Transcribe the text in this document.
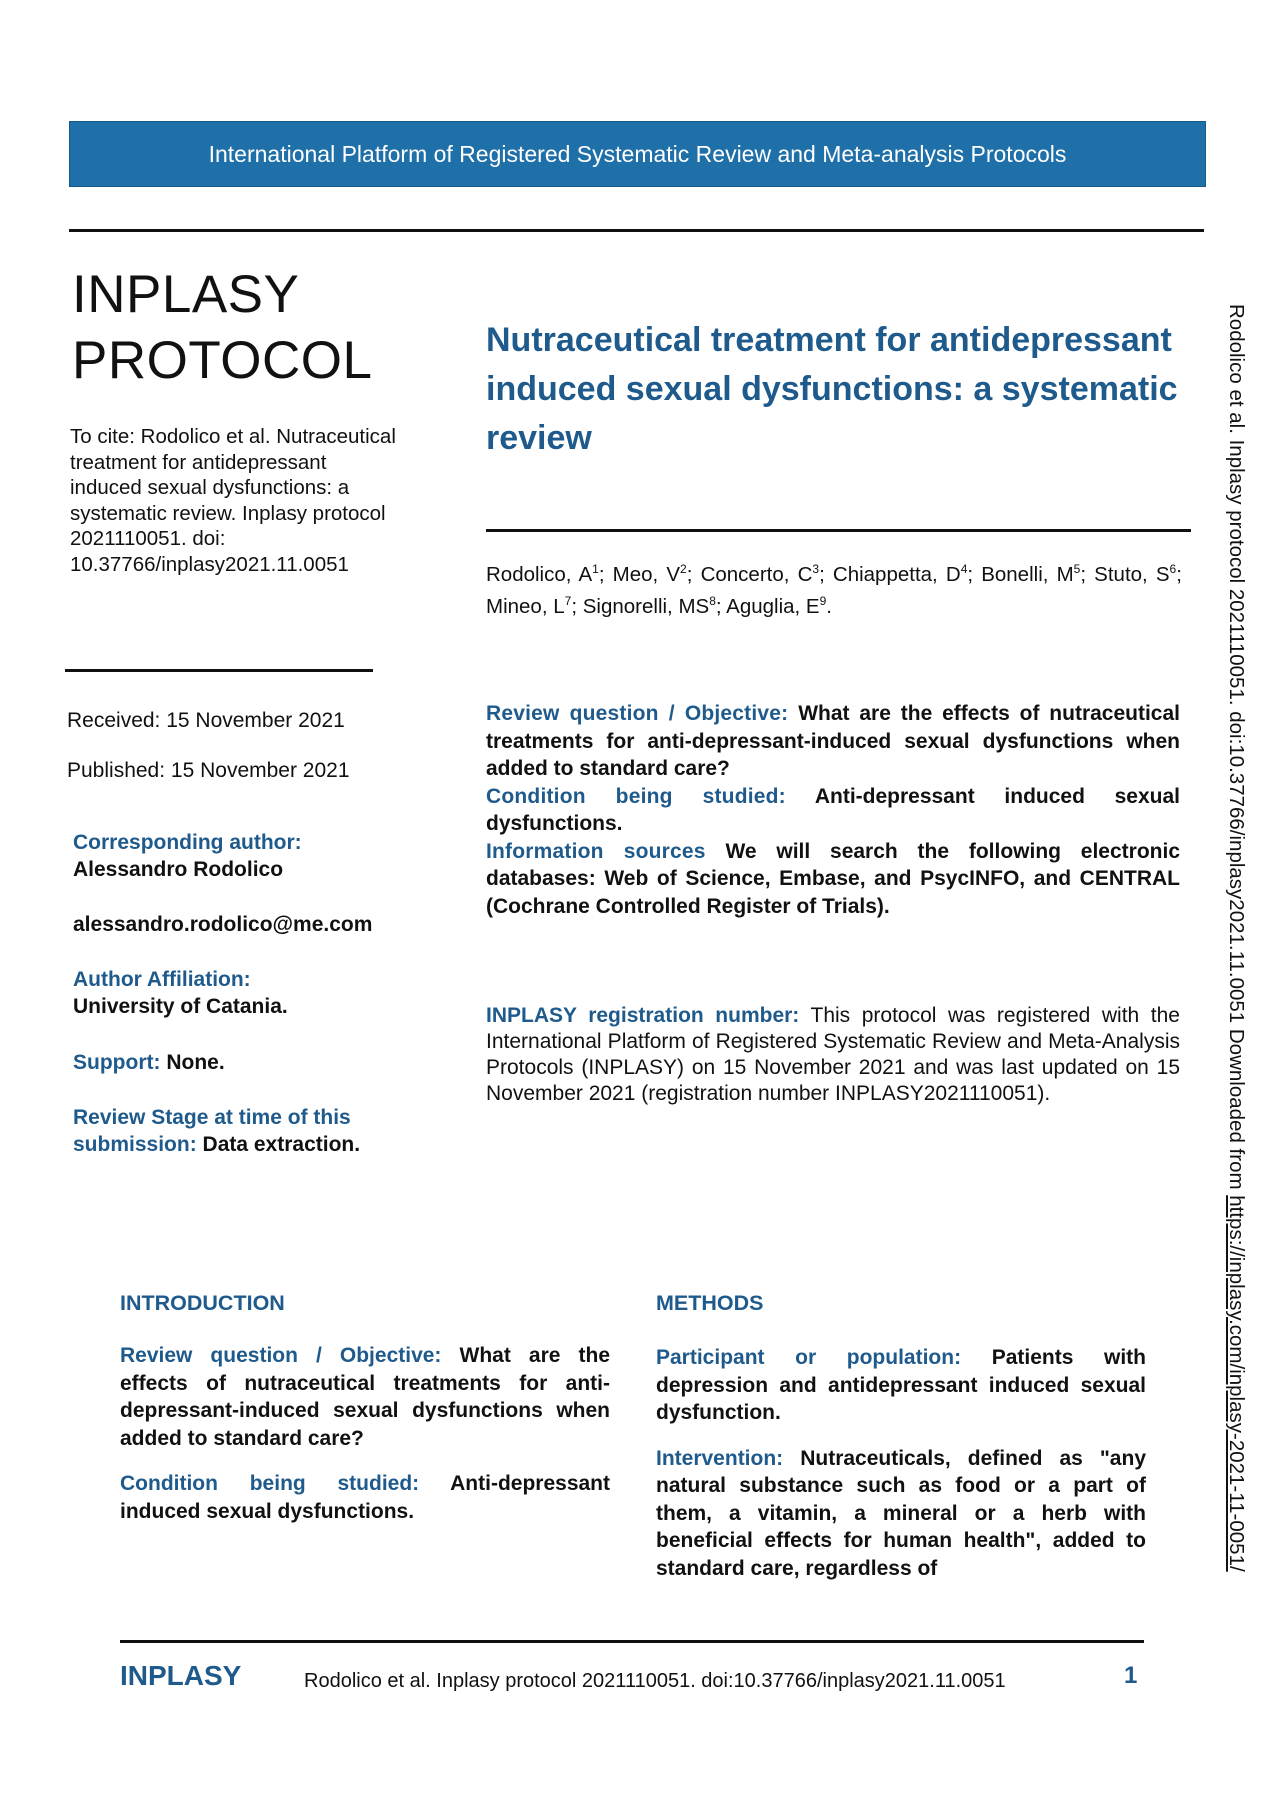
International Platform of Registered Systematic Review and Meta-analysis Protocols
INPLASY
PROTOCOL
To cite: Rodolico et al. Nutraceutical treatment for antidepressant induced sexual dysfunctions: a systematic review. Inplasy protocol 2021110051. doi: 10.37766/inplasy2021.11.0051
Received: 15 November 2021
Published: 15 November 2021
Corresponding author:
Alessandro Rodolico
alessandro.rodolico@me.com
Author Affiliation:
University of Catania.
Support: None.
Review Stage at time of this submission: Data extraction.
Nutraceutical treatment for antidepressant induced sexual dysfunctions: a systematic review
Rodolico, $A^1$; Meo, $V^2$; Concerto, $C^3$; Chiappetta, $D^4$; Bonelli, $M^5$; Stuto, $S^6$; Mineo, $L^7$; Signorelli, $MS^8$; Aguglia, $E^9$.
Review question / Objective: What are the effects of nutraceutical treatments for anti-depressant-induced sexual dysfunctions when added to standard care?
Condition being studied: Anti-depressant induced sexual dysfunctions.
Information sources We will search the following electronic databases: Web of Science, Embase, and PsycINFO, and CENTRAL (Cochrane Controlled Register of Trials).
INPLASY registration number: This protocol was registered with the International Platform of Registered Systematic Review and Meta-Analysis Protocols (INPLASY) on 15 November 2021 and was last updated on 15 November 2021 (registration number INPLASY2021110051).
INTRODUCTION	METHODS

Review question / Objective: What are the effects of nutraceutical treatments for anti-depressant-induced sexual dysfunctions when added to standard care?

Condition being studied: Anti-depressant induced sexual dysfunctions.

Participant or population: Patients with depression and antidepressant induced sexual dysfunction.

Intervention: Nutraceuticals, defined as "any natural substance such as food or a part of them, a vitamin, a mineral or a herb with beneficial effects for human health", added to standard care, regardless of

INPLASY	Rodolico et al. Inplasy protocol 2021110051. doi:10.37766/inplasy2021.11.0051	1
Rodolico et al. Inplasy protocol 2021110051. doi:10.37766/inplasy2021.11.0051 Downloaded from https://inplasy.com/inplasy-2021-11-0051/
